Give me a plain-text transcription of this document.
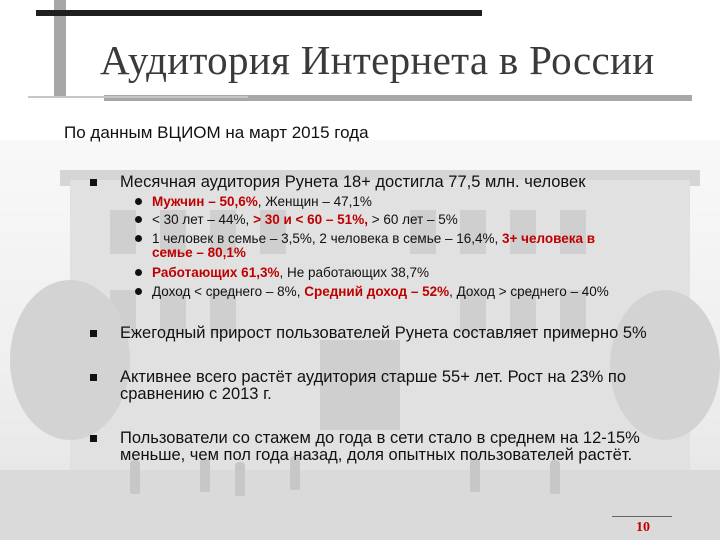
Аудитория Интернета в России
По данным ВЦИОМ на март 2015 года
Месячная аудитория Рунета 18+ достигла 77,5 млн. человек
Мужчин – 50,6%, Женщин – 47,1%
< 30 лет – 44%, > 30 и < 60 – 51%, > 60 лет – 5%
1 человек в семье – 3,5%, 2 человека в семье – 16,4%, 3+ человека в
семье – 80,1%
Работающих 61,3%, Не работающих 38,7%
Доход < среднего – 8%, Средний доход – 52%, Доход > среднего – 40%
Ежегодный прирост пользователей Рунета составляет примерно 5%
Активнее всего растёт аудитория старше 55+ лет. Рост на 23% по
сравнению с 2013 г.
Пользователи со стажем до года в сети стало в среднем на 12-15%
меньше, чем пол года назад, доля опытных пользователей растёт.
10
